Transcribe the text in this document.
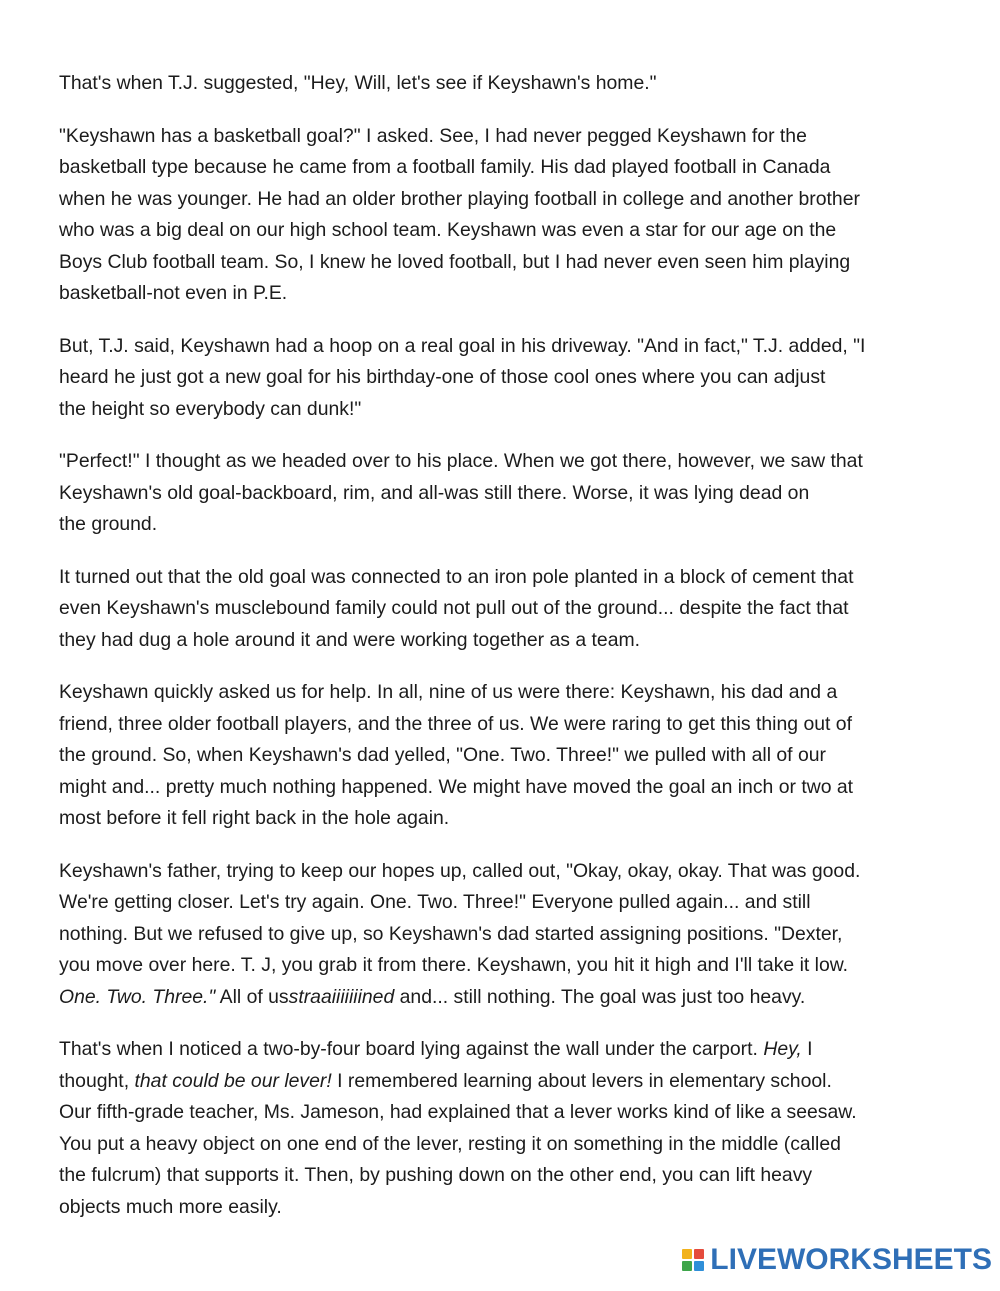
That's when T.J. suggested, "Hey, Will, let's see if Keyshawn's home."

"Keyshawn has a basketball goal?" I asked. See, I had never pegged Keyshawn for the
basketball type because he came from a football family. His dad played football in Canada
when he was younger. He had an older brother playing football in college and another brother
who was a big deal on our high school team. Keyshawn was even a star for our age on the
Boys Club football team. So, I knew he loved football, but I had never even seen him playing
basketball-not even in P.E.

But, T.J. said, Keyshawn had a hoop on a real goal in his driveway. "And in fact," T.J. added, "I
heard he just got a new goal for his birthday-one of those cool ones where you can adjust
the height so everybody can dunk!"

"Perfect!" I thought as we headed over to his place. When we got there, however, we saw that
Keyshawn's old goal-backboard, rim, and all-was still there. Worse, it was lying dead on
the ground.

It turned out that the old goal was connected to an iron pole planted in a block of cement that
even Keyshawn's musclebound family could not pull out of the ground... despite the fact that
they had dug a hole around it and were working together as a team.

Keyshawn quickly asked us for help. In all, nine of us were there: Keyshawn, his dad and a
friend, three older football players, and the three of us. We were raring to get this thing out of
the ground. So, when Keyshawn's dad yelled, "One. Two. Three!" we pulled with all of our
might and... pretty much nothing happened. We might have moved the goal an inch or two at
most before it fell right back in the hole again.

Keyshawn's father, trying to keep our hopes up, called out, "Okay, okay, okay. That was good.
We're getting closer. Let's try again. One. Two. Three!" Everyone pulled again... and still
nothing. But we refused to give up, so Keyshawn's dad started assigning positions. "Dexter,
you move over here. T. J, you grab it from there. Keyshawn, you hit it high and I'll take it low.
One. Two. Three." All of usstraaiiiiiiined and... still nothing. The goal was just too heavy.

That's when I noticed a two-by-four board lying against the wall under the carport. Hey, I
thought, that could be our lever! I remembered learning about levers in elementary school.
Our fifth-grade teacher, Ms. Jameson, had explained that a lever works kind of like a seesaw.
You put a heavy object on one end of the lever, resting it on something in the middle (called
the fulcrum) that supports it. Then, by pushing down on the other end, you can lift heavy
objects much more easily.

LIVEWORKSHEETS
